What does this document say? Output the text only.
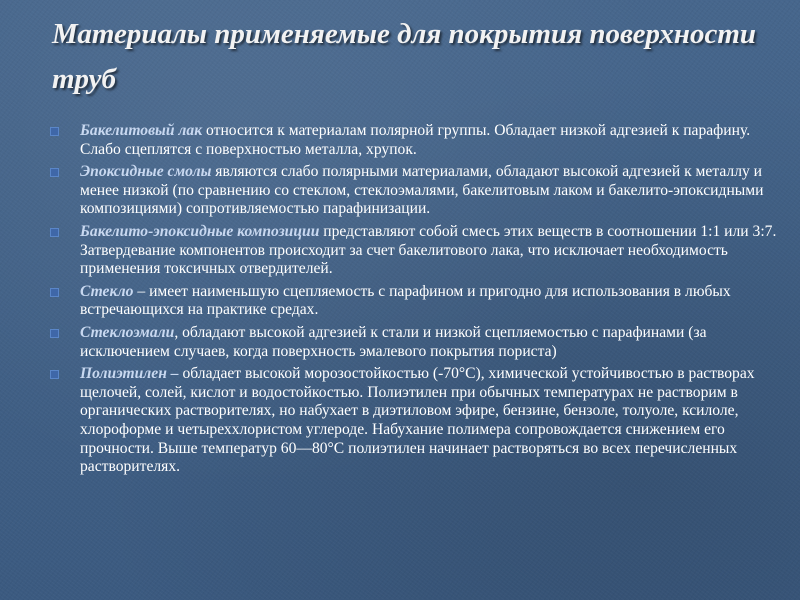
Материалы применяемые для покрытия поверхности труб
Бакелитовый лак относится к материалам полярной группы. Обладает низкой адгезией к парафину. Слабо сцеплятся с поверхностью металла, хрупок.
Эпоксидные смолы являются слабо полярными материалами, обладают высокой адгезией к металлу и менее низкой (по сравнению со стеклом, стеклоэмалями, бакелитовым лаком и бакелито-эпоксидными композициями) сопротивляемостью парафинизации.
Бакелито-эпоксидные композиции представляют собой смесь этих веществ в соотношении 1:1 или 3:7. Затвердевание компонентов происходит за счет бакелитового лака, что исключает необходимость применения токсичных отвердителей.
Стекло – имеет наименьшую сцепляемость с парафином и пригодно для использования в любых встречающихся на практике средах.
Стеклоэмали, обладают высокой адгезией к стали и низкой сцепляемостью с парафинами (за исключением случаев, когда поверхность эмалевого покрытия пориста)
Полиэтилен – обладает высокой морозостойкостью (-70°С), химической устойчивостью в растворах щелочей, солей, кислот и водостойкостью. Полиэтилен при обычных температурах не растворим в органических растворителях, но набухает в диэтиловом эфире, бензине, бензоле, толуоле, ксилоле, хлороформе и четыреххлористом углероде. Набухание полимера сопровождается снижением его прочности. Выше температур 60—80°С полиэтилен начинает растворяться во всех перечисленных растворителях.
